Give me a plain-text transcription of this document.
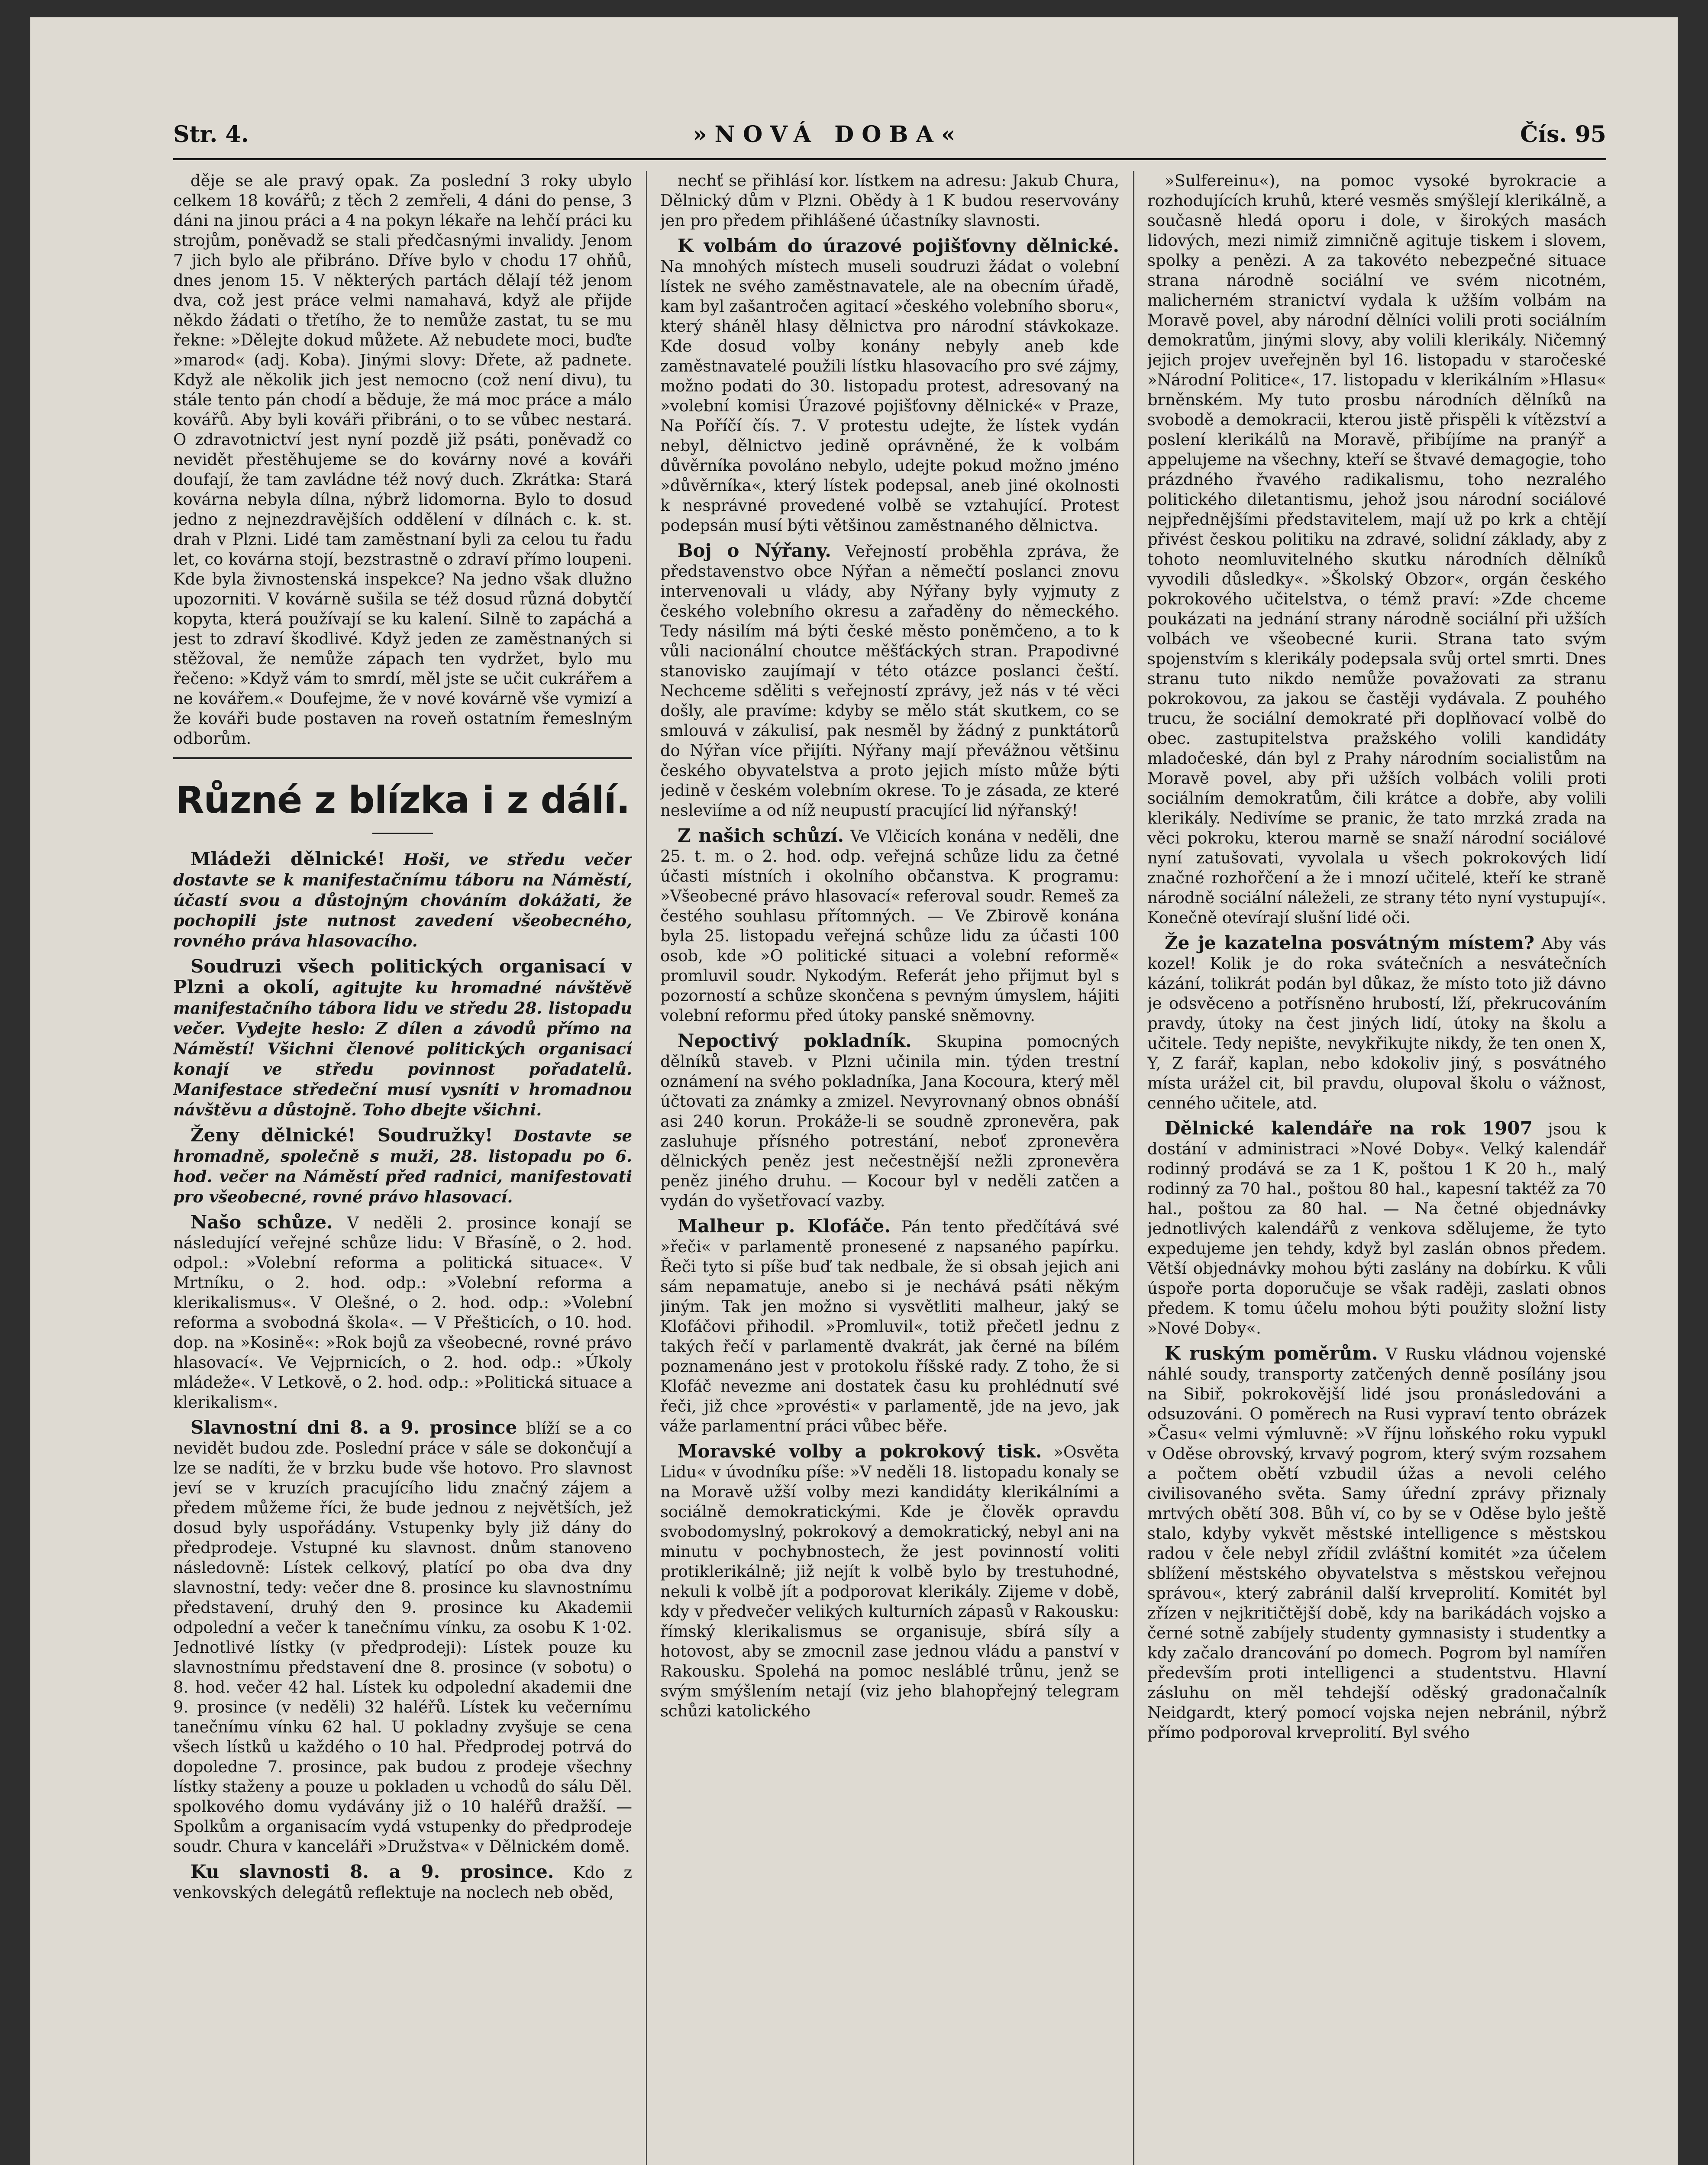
Str. 4.	»NOVÁ DOBA«	Čís. 95

děje se ale pravý opak. Za poslední 3 roky ubylo celkem 18 kovářů; z těch 2 zemřeli, 4 dáni do pense, 3 dáni na jinou práci a 4 na pokyn lékaře na lehčí práci ku strojům, poněvadž se stali předčasnými invalidy. Jenom 7 jich bylo ale přibráno. Dříve bylo v chodu 17 ohňů, dnes jenom 15. V některých partách dělají též jenom dva, což jest práce velmi namahavá, když ale přijde někdo žádati o třetího, že to nemůže zastat, tu se mu řekne: »Dělejte dokud můžete. Až nebudete moci, buďte »marod« (adj. Koba). Jinými slovy: Dřete, až padnete. Když ale několik jich jest nemocno (což není divu), tu stále tento pán chodí a běduje, že má moc práce a málo kovářů. Aby byli kováři přibráni, o to se vůbec nestará. O zdravotnictví jest nyní pozdě již psáti, poněvadž co nevidět přestěhujeme se do kovárny nové a kováři doufají, že tam zavládne též nový duch. Zkrátka: Stará kovárna nebyla dílna, nýbrž lidomorna. Bylo to dosud jedno z nejnezdravějších oddělení v dílnách c. k. st. drah v Plzni. Lidé tam zaměstnaní byli za celou tu řadu let, co kovárna stojí, bezstrastně o zdraví přímo loupeni. Kde byla živnostenská inspekce? Na jedno však dlužno upozorniti. V kovárně sušila se též dosud různá dobytčí kopyta, která používají se ku kalení. Silně to zapáchá a jest to zdraví škodlivé. Když jeden ze zaměstnaných si stěžoval, že nemůže zápach ten vydržet, bylo mu řečeno: »Když vám to smrdí, měl jste se učit cukrářem a ne kovářem.« Doufejme, že v nové kovárně vše vymizí a že kováři bude postaven na roveň ostatním řemeslným odborům.

Různé z blízka i z dálí.

Mládeži dělnické! Hoši, ve středu večer dostavte se k manifestačnímu táboru na Náměstí, účastí svou a důstojným chováním dokážati, že pochopili jste nutnost zavedení všeobecného, rovného práva hlasovacího.

Soudruzi všech politických organisací v Plzni a okolí, agitujte ku hromadné návštěvě manifestačního tábora lidu ve středu 28. listopadu večer. Vydejte heslo: Z dílen a závodů přímo na Náměstí! Všichni členové politických organisací konají ve středu povinnost pořadatelů. Manifestace středeční musí vysníti v hromadnou návštěvu a důstojně. Toho dbejte všichni.

Ženy dělnické! Soudružky! Dostavte se hromadně, společně s muži, 28. listopadu po 6. hod. večer na Náměstí před radnici, manifestovati pro všeobecné, rovné právo hlasovací.

Našo schůze. V neděli 2. prosince konají se následující veřejné schůze lidu: V Břasíně, o 2. hod. odpol.: »Volební reforma a politická situace«. V Mrtníku, o 2. hod. odp.: »Volební reforma a klerikalismus«. V Olešné, o 2. hod. odp.: »Volební reforma a svobodná škola«. — V Přešticích, o 10. hod. dop. na »Kosině«: »Rok bojů za všeobecné, rovné právo hlasovací«. Ve Vejprnicích, o 2. hod. odp.: »Úkoly mládeže«. V Letkově, o 2. hod. odp.: »Politická situace a klerikalism«.

Slavnostní dni 8. a 9. prosince blíží se a co nevidět budou zde. Poslední práce v sále se dokončují a lze se nadíti, že v brzku bude vše hotovo. Pro slavnost jeví se v kruzích pracujícího lidu značný zájem a předem můžeme říci, že bude jednou z největších, jež dosud byly uspořádány. Vstupenky byly již dány do předprodeje. Vstupné ku slavnost. dnům stanoveno následovně: Lístek celkový, platící po oba dva dny slavnostní, tedy: večer dne 8. prosince ku slavnostnímu představení, druhý den 9. prosince ku Akademii odpolední a večer k tanečnímu vínku, za osobu K 1·02. Jednotlivé lístky (v předprodeji): Lístek pouze ku slavnostnímu představení dne 8. prosince (v sobotu) o 8. hod. večer 42 hal. Lístek ku odpolední akademii dne 9. prosince (v neděli) 32 haléřů. Lístek ku večernímu tanečnímu vínku 62 hal. U pokladny zvyšuje se cena všech lístků u každého o 10 hal. Předprodej potrvá do dopoledne 7. prosince, pak budou z prodeje všechny lístky staženy a pouze u pokladen u vchodů do sálu Děl. spolkového domu vydávány již o 10 haléřů dražší. — Spolkům a organisacím vydá vstupenky do předprodeje soudr. Chura v kanceláři »Družstva« v Dělnickém domě.

Ku slavnosti 8. a 9. prosince. Kdo z venkovských delegátů reflektuje na noclech neb oběd,

nechť se přihlásí kor. lístkem na adresu: Jakub Chura, Dělnický dům v Plzni. Obědy à 1 K budou reservovány jen pro předem přihlášené účastníky slavnosti.

K volbám do úrazové pojišťovny dělnické. Na mnohých místech museli soudruzi žádat o volební lístek ne svého zaměstnavatele, ale na obecním úřadě, kam byl zašantročen agitací »českého volebního sboru«, který sháněl hlasy dělnictva pro národní stávkokaze. Kde dosud volby konány nebyly aneb kde zaměstnavatelé použili lístku hlasovacího pro své zájmy, možno podati do 30. listopadu protest, adresovaný na »volební komisi Úrazové pojišťovny dělnické« v Praze, Na Poříčí čís. 7. V protestu udejte, že lístek vydán nebyl, dělnictvo jedině oprávněné, že k volbám důvěrníka povoláno nebylo, udejte pokud možno jméno »důvěrníka«, který lístek podepsal, aneb jiné okolnosti k nesprávné provedené volbě se vztahující. Protest podepsán musí býti většinou zaměstnaného dělnictva.

Boj o Nýřany. Veřejností proběhla zpráva, že představenstvo obce Nýřan a němečtí poslanci znovu intervenovali u vlády, aby Nýřany byly vyjmuty z českého volebního okresu a zařaděny do německého. Tedy násilím má býti české město poněmčeno, a to k vůli nacionální choutce měšťáckých stran. Prapodivné stanovisko zaujímají v této otázce poslanci čeští. Nechceme sděliti s veřejností zprávy, jež nás v té věci došly, ale pravíme: kdyby se mělo stát skutkem, co se smlouvá v zákulisí, pak nesměl by žádný z punktátorů do Nýřan více přijíti. Nýřany mají převážnou většinu českého obyvatelstva a proto jejich místo může býti jedině v českém volebním okrese. To je zásada, ze které nesleviíme a od níž neupustí pracující lid nýřanský!

Z našich schůzí. Ve Vlčicích konána v neděli, dne 25. t. m. o 2. hod. odp. veřejná schůze lidu za četné účasti místních i okolního občanstva. K programu: »Všeobecné právo hlasovací« referoval soudr. Remeš za čestého souhlasu přítomných. — Ve Zbirově konána byla 25. listopadu veřejná schůze lidu za účasti 100 osob, kde »O politické situaci a volební reformě« promluvil soudr. Nykodým. Referát jeho přijmut byl s pozorností a schůze skončena s pevným úmyslem, hájiti volební reformu před útoky panské sněmovny.

Nepoctivý pokladník. Skupina pomocných dělníků staveb. v Plzni učinila min. týden trestní oznámení na svého pokladníka, Jana Kocoura, který měl účtovati za známky a zmizel. Nevyrovnaný obnos obnáší asi 240 korun. Prokáže-li se soudně zpronevěra, pak zasluhuje přísného potrestání, neboť zpronevěra dělnických peněz jest nečestnější nežli zpronevěra peněz jiného druhu. — Kocour byl v neděli zatčen a vydán do vyšetřovací vazby.

Malheur p. Klofáče. Pán tento předčítává své »řeči« v parlamentě pronesené z napsaného papírku. Řeči tyto si píše buď tak nedbale, že si obsah jejich ani sám nepamatuje, anebo si je nechává psáti někým jiným. Tak jen možno si vysvětliti malheur, jaký se Klofáčovi přihodil. »Promluvil«, totiž přečetl jednu z takých řečí v parlamentě dvakrát, jak černé na bílém poznamenáno jest v protokolu říšské rady. Z toho, že si Klofáč nevezme ani dostatek času ku prohlédnutí své řeči, již chce »provésti« v parlamentě, jde na jevo, jak váže parlamentní práci vůbec běře.

Moravské volby a pokrokový tisk. »Osvěta Lidu« v úvodníku píše: »V neděli 18. listopadu konaly se na Moravě užší volby mezi kandidáty klerikálními a sociálně demokratickými. Kde je člověk opravdu svobodomyslný, pokrokový a demokratický, nebyl ani na minutu v pochybnostech, že jest povinností voliti protiklerikálně; již nejít k volbě bylo by trestuhodné, nekuli k volbě jít a podporovat klerikály. Zijeme v době, kdy v předvečer velikých kulturních zápasů v Rakousku: římský klerikalismus se organisuje, sbírá síly a hotovost, aby se zmocnil zase jednou vládu a panství v Rakousku. Spolehá na pomoc nesláblé trůnu, jenž se svým smýšlením netají (viz jeho blahopřejný telegram schůzi katolického

»Sulfereinu«), na pomoc vysoké byrokracie a rozhodujících kruhů, které vesměs smýšlejí klerikálně, a současně hledá oporu i dole, v širokých masách lidových, mezi nimiž zimničně agituje tiskem i slovem, spolky a penězi. A za takovéto nebezpečné situace strana národně sociální ve svém nicotném, malicherném stranictví vydala k užším volbám na Moravě povel, aby národní dělníci volili proti sociálním demokratům, jinými slovy, aby volili klerikály. Ničemný jejich projev uveřejněn byl 16. listopadu v staročeské »Národní Politice«, 17. listopadu v klerikálním »Hlasu« brněnském. My tuto prosbu národních dělníků na svobodě a demokracii, kterou jistě přispěli k vítězství a poslení klerikálů na Moravě, přibíjíme na pranýř a appelujeme na všechny, kteří se štvavé demagogie, toho prázdného řvavého radikalismu, toho nezralého politického diletantismu, jehož jsou národní sociálové nejpřednějšími představitelem, mají už po krk a chtějí přivést českou politiku na zdravé, solidní základy, aby z tohoto neomluvitelného skutku národních dělníků vyvodili důsledky«. »Školský Obzor«, orgán českého pokrokového učitelstva, o témž praví: »Zde chceme poukázati na jednání strany národně sociální při užších volbách ve všeobecné kurii. Strana tato svým spojenstvím s klerikály podepsala svůj ortel smrti. Dnes stranu tuto nikdo nemůže považovati za stranu pokrokovou, za jakou se častěji vydávala. Z pouhého trucu, že sociální demokraté při doplňovací volbě do obec. zastupitelstva pražského volili kandidáty mladočeské, dán byl z Prahy národním socialistům na Moravě povel, aby při užších volbách volili proti sociálním demokratům, čili krátce a dobře, aby volili klerikály. Nedivíme se pranic, že tato mrzká zrada na věci pokroku, kterou marně se snaží národní sociálové nyní zatušovati, vyvolala u všech pokrokových lidí značné rozhořčení a že i mnozí učitelé, kteří ke straně národně sociální náleželi, ze strany této nyní vystupují«. Konečně otevírají slušní lidé oči.

Že je kazatelna posvátným místem? Aby vás kozel! Kolik je do roka svátečních a nesvátečních kázání, tolikrát podán byl důkaz, že místo toto již dávno je odsvěceno a potřísněno hrubostí, lží, překrucováním pravdy, útoky na čest jiných lidí, útoky na školu a učitele. Tedy nepište, nevykřikujte nikdy, že ten onen X, Y, Z farář, kaplan, nebo kdokoliv jiný, s posvátného místa urážel cit, bil pravdu, olupoval školu o vážnost, cenného učitele, atd.

Dělnické kalendáře na rok 1907 jsou k dostání v administraci »Nové Doby«. Velký kalendář rodinný prodává se za 1 K, poštou 1 K 20 h., malý rodinný za 70 hal., poštou 80 hal., kapesní taktéž za 70 hal., poštou za 80 hal. — Na četné objednávky jednotlivých kalendářů z venkova sdělujeme, že tyto expedujeme jen tehdy, když byl zaslán obnos předem. Větší objednávky mohou býti zaslány na dobírku. K vůli úspoře porta doporučuje se však raději, zaslati obnos předem. K tomu účelu mohou býti použity složní listy »Nové Doby«.

K ruským poměrům. V Rusku vládnou vojenské náhlé soudy, transporty zatčených denně posílány jsou na Sibiř, pokrokovější lidé jsou pronásledováni a odsuzováni. O poměrech na Rusi vypraví tento obrázek »Času« velmi výmluvně: »V říjnu loňského roku vypukl v Oděse obrovský, krvavý pogrom, který svým rozsahem a počtem obětí vzbudil úžas a nevoli celého civilisovaného světa. Samy úřední zprávy přiznaly mrtvých obětí 308. Bůh ví, co by se v Oděse bylo ještě stalo, kdyby vykvět městské intelligence s městskou radou v čele nebyl zřídil zvláštní komitét »za účelem sblížení městského obyvatelstva s městskou veřejnou správou«, který zabránil další krveprolití. Komitét byl zřízen v nejkritičtější době, kdy na barikádách vojsko a černé sotně zabíjely studenty gymnasisty i studentky a kdy začalo drancování po domech. Pogrom byl namířen především proti intelligenci a studentstvu. Hlavní zásluhu on měl tehdejší oděský gradonačalník Neidgardt, který pomocí vojska nejen nebránil, nýbrž přímo podporoval krveprolití. Byl svého
